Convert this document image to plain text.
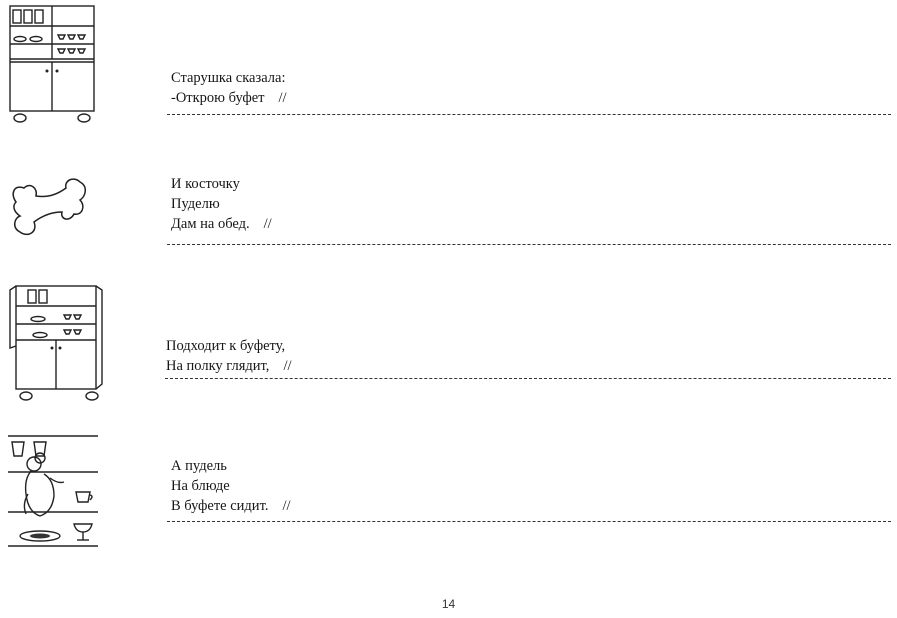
Старушка сказала:
-Открою буфет //
И косточку
Пуделю
Дам на обед. //
Подходит к буфету,
На полку глядит, //
А пудель
На блюде
В буфете сидит. //
14
